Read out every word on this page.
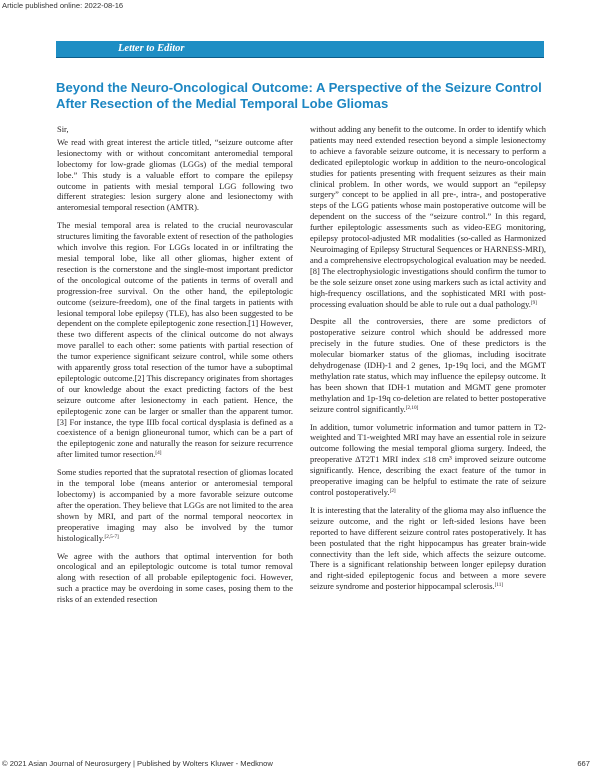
Article published online: 2022-08-16
Letter to Editor
Beyond the Neuro-Oncological Outcome: A Perspective of the Seizure Control After Resection of the Medial Temporal Lobe Gliomas

Sir,

We read with great interest the article titled, “seizure outcome after lesionectomy with or without concomitant anteromedial temporal lobectomy for low-grade gliomas (LGGs) of the medial temporal lobe.” This study is a valuable effort to compare the epilepsy outcome in patients with mesial temporal LGG following two different strategies: lesion surgery alone and lesionectomy with anteromesial temporal resection (AMTR).

The mesial temporal area is related to the crucial neurovascular structures limiting the favorable extent of resection of the pathologies which involve this region. For LGGs located in or infiltrating the mesial temporal lobe, like all other gliomas, higher extent of resection is the cornerstone and the single-most important predictor of the oncological outcome of the patients in terms of overall and progression-free survival. On the other hand, the epileptologic outcome (seizure-freedom), one of the final targets in patients with lesional temporal lobe epilepsy (TLE), has also been suggested to be dependent on the complete epileptogenic zone resection.[1] However, these two different aspects of the clinical outcome do not always move parallel to each other: some patients with partial resection of the tumor experience significant seizure control, while some others with apparently gross total resection of the tumor have a suboptimal epileptologic outcome.[2] This discrepancy originates from shortages of our knowledge about the exact predicting factors of the best seizure outcome after lesionectomy in each patient. Hence, the epileptogenic zone can be larger or smaller than the apparent tumor.[3] For instance, the type IIIb focal cortical dysplasia is defined as a coexistence of a benign glioneuronal tumor, which can be a part of the epileptogenic zone and naturally the reason for seizure recurrence after limited tumor resection.[4]

Some studies reported that the supratotal resection of gliomas located in the temporal lobe (means anterior or anteromesial temporal lobectomy) is accompanied by a more favorable seizure outcome after the operation. They believe that LGGs are not limited to the area shown by MRI, and part of the normal temporal neocortex in preoperative imaging may also be involved by the tumor histologically.[2,5-7]

We agree with the authors that optimal intervention for both oncological and an epileptologic outcome is total tumor removal along with resection of all probable epileptogenic foci. However, such a practice may be overdoing in some cases, posing them to the risks of an extended resection

without adding any benefit to the outcome. In order to identify which patients may need extended resection beyond a simple lesionectomy to achieve a favorable seizure outcome, it is necessary to perform a dedicated epileptologic workup in addition to the neuro-oncological studies for patients presenting with frequent seizures as their main clinical problem. In other words, we would support an “epilepsy surgery” concept to be applied in all pre-, intra-, and postoperative steps of the LGG patients whose main postoperative outcome will be dependent on the success of the “seizure control.” In this regard, further epileptologic assessments such as video-EEG monitoring, epilepsy protocol-adjusted MR modalities (so-called as Harmonized Neuroimaging of Epilepsy Structural Sequences or HARNESS-MRI), and a comprehensive electropsychological evaluation may be needed.[8] The electrophysiologic investigations should confirm the tumor to be the sole seizure onset zone using markers such as ictal activity and high-frequency oscillations, and the sophisticated MRI with post-processing evaluation should be able to rule out a dual pathology.[9]

Despite all the controversies, there are some predictors of postoperative seizure control which should be addressed more precisely in the future studies. One of these predictors is the molecular biomarker status of the gliomas, including isocitrate dehydrogenase (IDH)-1 and 2 genes, 1p-19q loci, and the MGMT methylation rate status, which may influence the epilepsy outcome. It has been shown that IDH-1 mutation and MGMT gene promoter methylation and 1p-19q co-deletion are related to better postoperative seizure control significantly.[2,10]

In addition, tumor volumetric information and tumor pattern in T2-weighted and T1-weighted MRI may have an essential role in seizure outcome following the mesial temporal glioma surgery. Indeed, the preoperative ΔT2T1 MRI index ≤18 cm³ improved seizure outcome significantly. Hence, describing the exact feature of the tumor in preoperative imaging can be helpful to estimate the rate of seizure control postoperatively.[2]

It is interesting that the laterality of the glioma may also influence the seizure outcome, and the right or left-sided lesions have been reported to have different seizure control rates postoperatively. It has been postulated that the right hippocampus has greater brain-wide connectivity than the left side, which affects the seizure outcome. There is a significant relationship between longer epilepsy duration and right-sided epileptogenic focus and between a more severe seizure syndrome and posterior hippocampal sclerosis.[11]

© 2021 Asian Journal of Neurosurgery | Published by Wolters Kluwer - Medknow	667
